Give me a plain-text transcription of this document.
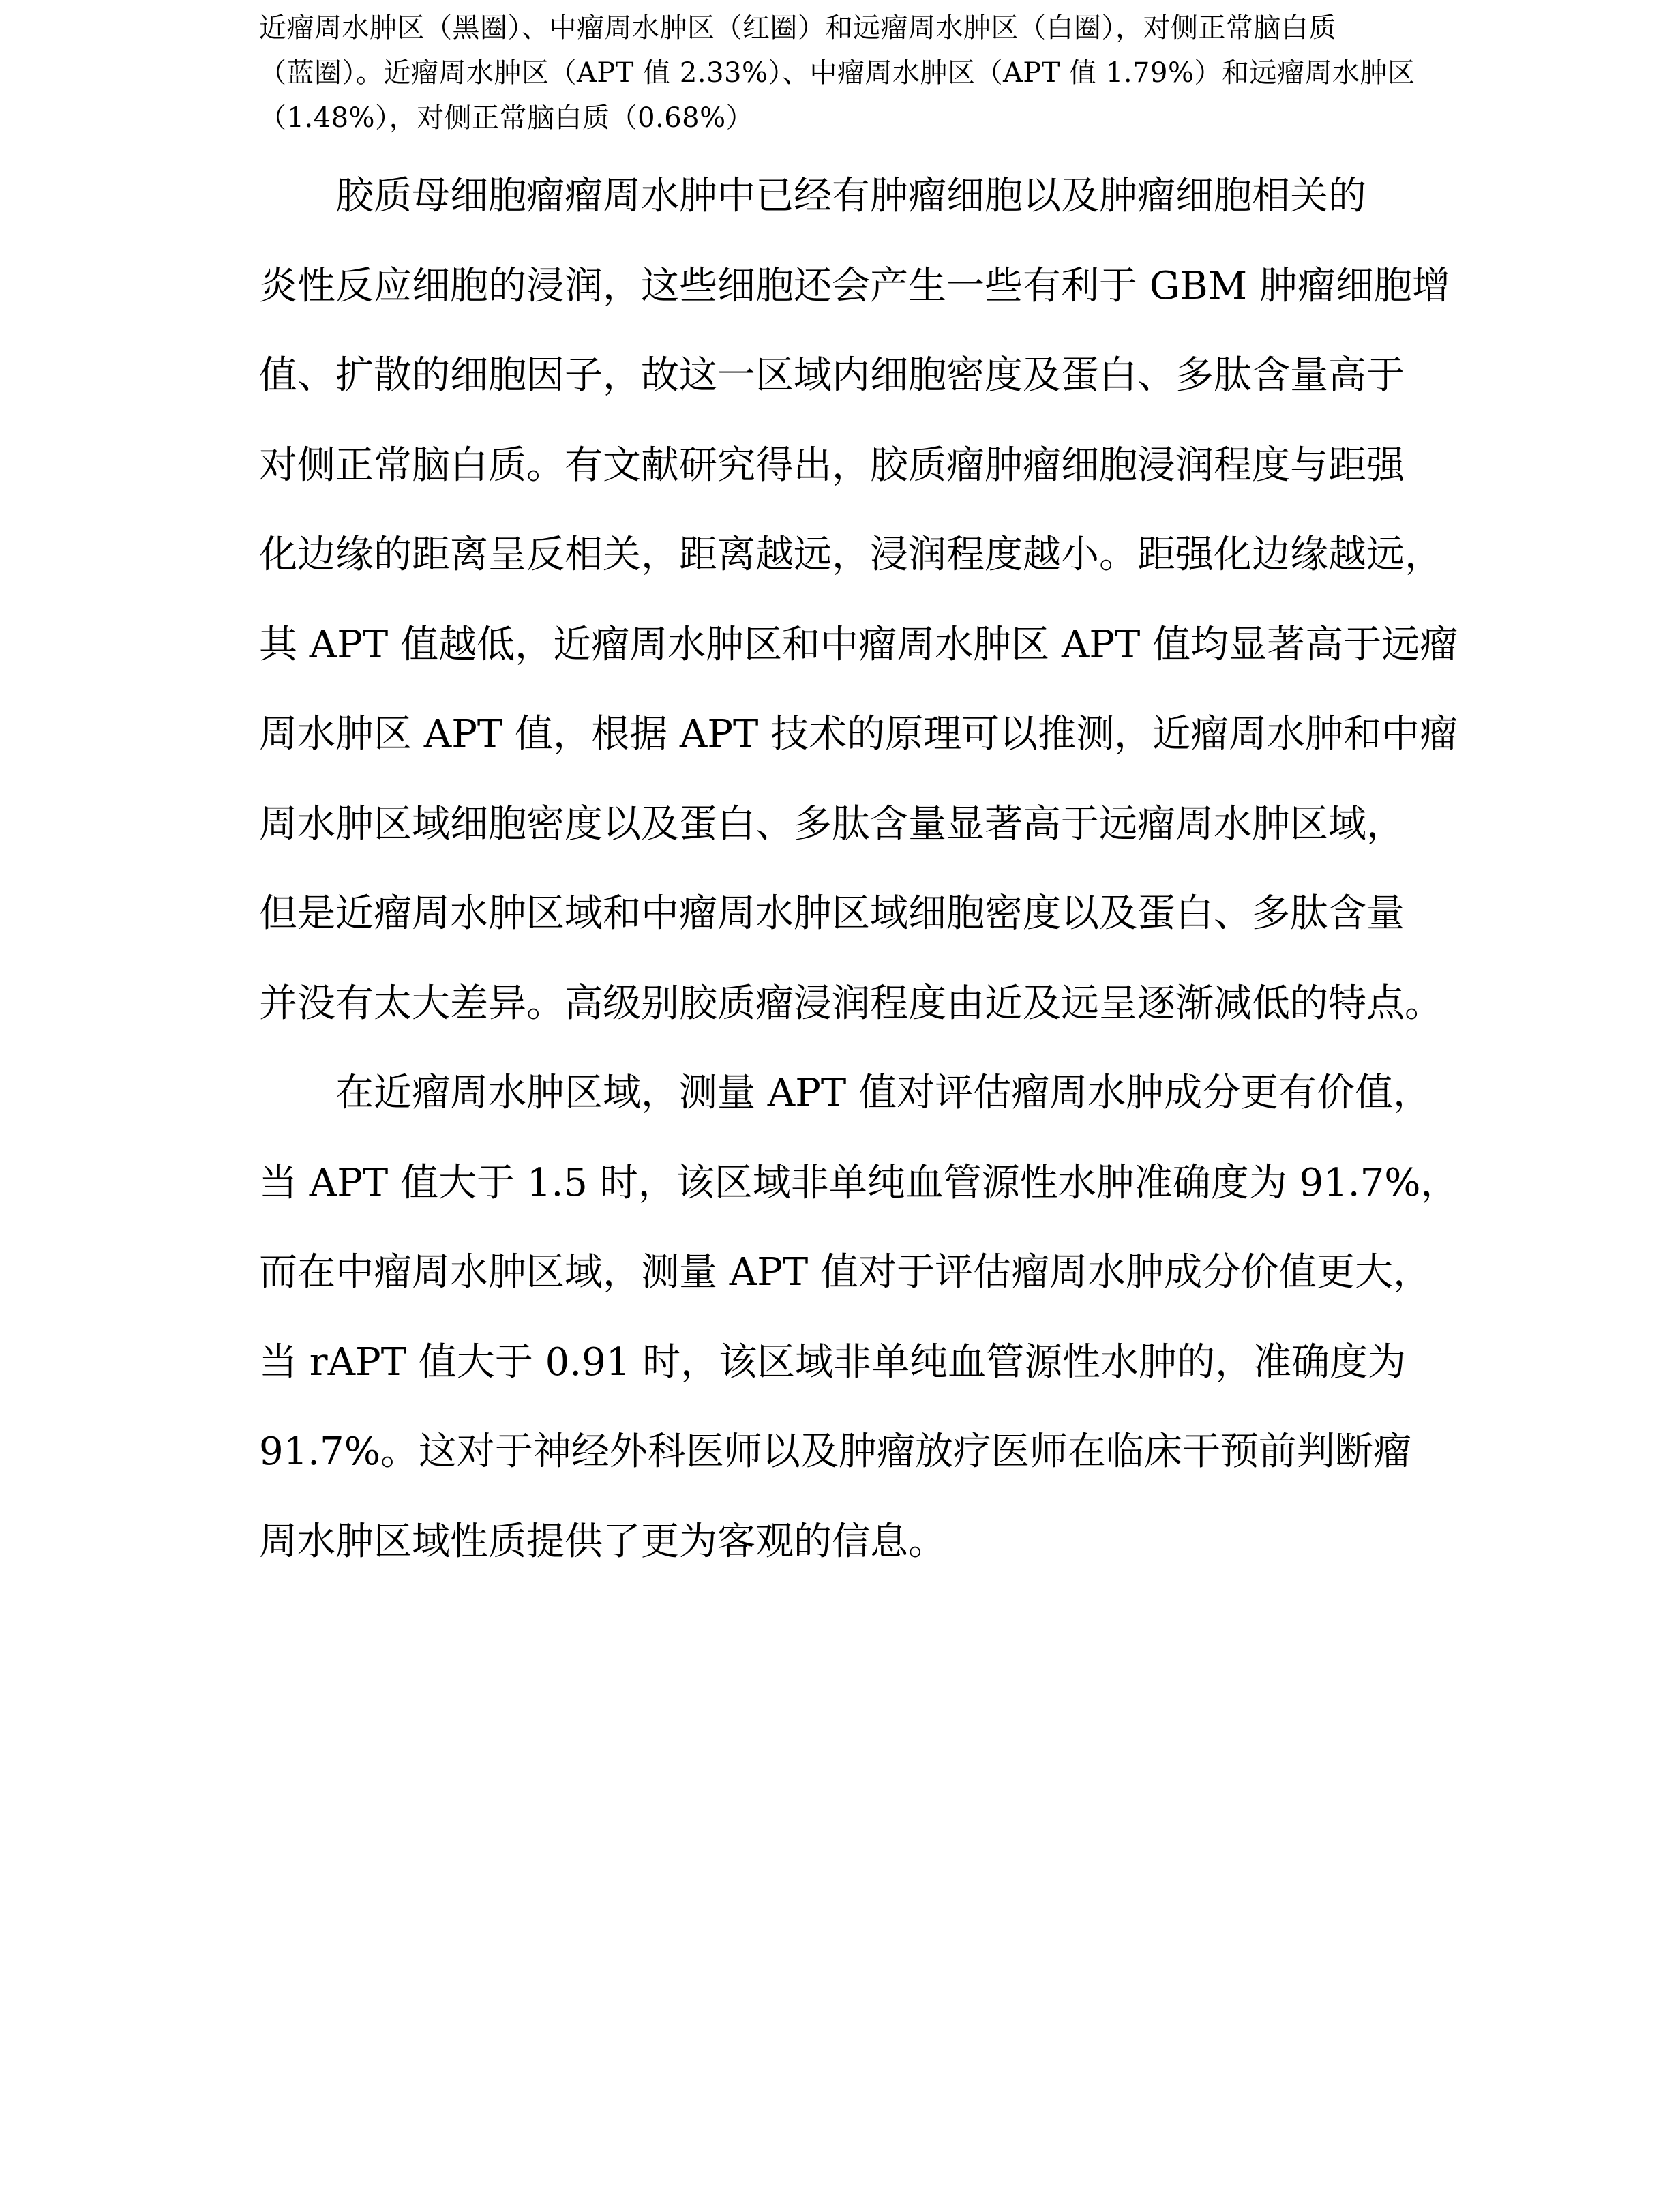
近瘤周水肿区（黑圈）、中瘤周水肿区（红圈）和远瘤周水肿区（白圈），对侧正常脑白质
（蓝圈）。近瘤周水肿区（APT 值 2.33%）、中瘤周水肿区（APT 值 1.79%）和远瘤周水肿区
（1.48%），对侧正常脑白质（0.68%）

胶质母细胞瘤瘤周水肿中已经有肿瘤细胞以及肿瘤细胞相关的
炎性反应细胞的浸润，这些细胞还会产生一些有利于 GBM 肿瘤细胞增
值、扩散的细胞因子，故这一区域内细胞密度及蛋白、多肽含量高于
对侧正常脑白质。有文献研究得出，胶质瘤肿瘤细胞浸润程度与距强
化边缘的距离呈反相关，距离越远，浸润程度越小。距强化边缘越远，
其 APT 值越低，近瘤周水肿区和中瘤周水肿区 APT 值均显著高于远瘤
周水肿区 APT 值，根据 APT 技术的原理可以推测，近瘤周水肿和中瘤
周水肿区域细胞密度以及蛋白、多肽含量显著高于远瘤周水肿区域，
但是近瘤周水肿区域和中瘤周水肿区域细胞密度以及蛋白、多肽含量
并没有太大差异。高级别胶质瘤浸润程度由近及远呈逐渐减低的特点。

在近瘤周水肿区域，测量 APT 值对评估瘤周水肿成分更有价值，
当 APT 值大于 1.5 时，该区域非单纯血管源性水肿准确度为 91.7%，
而在中瘤周水肿区域，测量 APT 值对于评估瘤周水肿成分价值更大，
当 rAPT 值大于 0.91 时，该区域非单纯血管源性水肿的，准确度为
91.7%。这对于神经外科医师以及肿瘤放疗医师在临床干预前判断瘤
周水肿区域性质提供了更为客观的信息。
